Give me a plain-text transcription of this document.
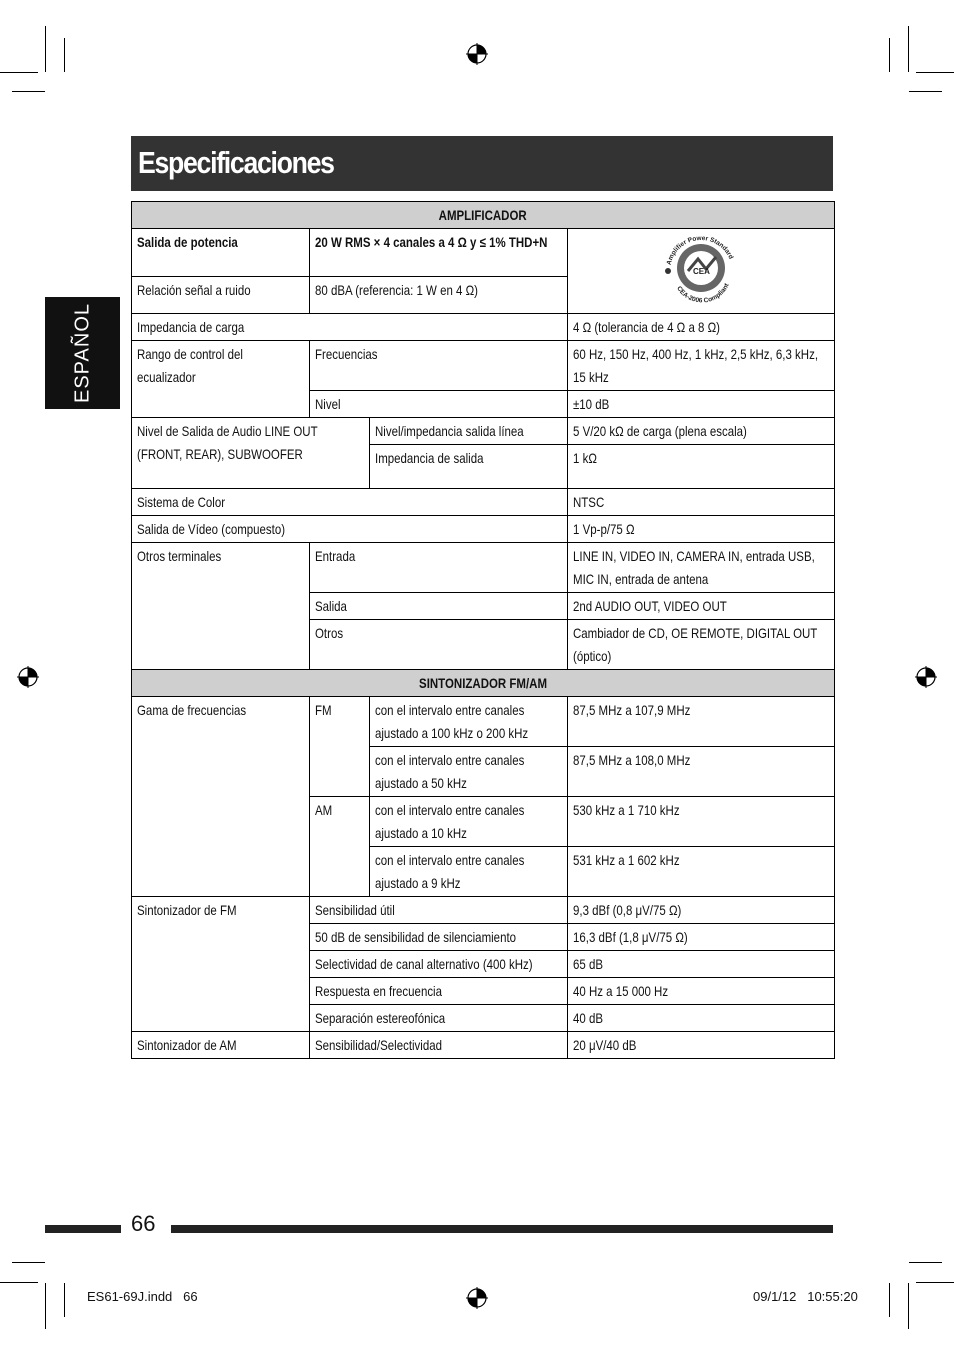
Especificaciones
ESPAÑOL
AMPLIFICADOR			
Salida de potencia	20 W RMS × 4 canales a 4 Ω y ≤ 1% THD+N		CEA
Amplifier Power Standard
CEA-2006 Compliant

Relación señal a ruido	80 dBA (referencia: 1 W en 4 Ω)		
Impedancia de carga			4 Ω (tolerancia de 4 Ω a 8 Ω)

Rango de control del ecualizador	Frecuencias		60 Hz, 150 Hz, 400 Hz, 1 kHz, 2,5 kHz, 6,3 kHz, 15 kHz

	Nivel		±10 dB

Nivel de Salida de Audio LINE OUT (FRONT, REAR), SUBWOOFER		Nivel/impedancia salida línea	5 V/20 kΩ de carga (plena escala)
		Impedancia de salida	1 kΩ
Sistema de Color			NTSC
Salida de Vídeo (compuesto)			1 Vp-p/75 Ω
Otros terminales	Entrada		LINE IN, VIDEO IN, CAMERA IN, entrada USB, MIC IN, entrada de antena

	Salida		2nd AUDIO OUT, VIDEO OUT
	Otros		Cambiador de CD, OE REMOTE, DIGITAL OUT (óptico)

SINTONIZADOR FM/AM			
Gama de frecuencias	FM	con el intervalo entre canales ajustado a 100 kHz o 200 kHz	87,5 MHz a 107,9 MHz

		con el intervalo entre canales ajustado a 50 kHz	87,5 MHz a 108,0 MHz
	AM	con el intervalo entre canales ajustado a 10 kHz	530 kHz a 1 710 kHz

		con el intervalo entre canales ajustado a 9 kHz	531 kHz a 1 602 kHz
Sintonizador de FM	Sensibilidad útil		9,3 dBf (0,8 μV/75 Ω)
	50 dB de sensibilidad de silenciamiento		16,3 dBf (1,8 μV/75 Ω)
	Selectividad de canal alternativo (400 kHz)		65 dB
	Respuesta en frecuencia		40 Hz a 15 000 Hz
	Separación estereofónica		40 dB
Sintonizador de AM	Sensibilidad/Selectividad		20 μV/40 dB
66
ES61-69J.indd   66	09/1/12   10:55:20
